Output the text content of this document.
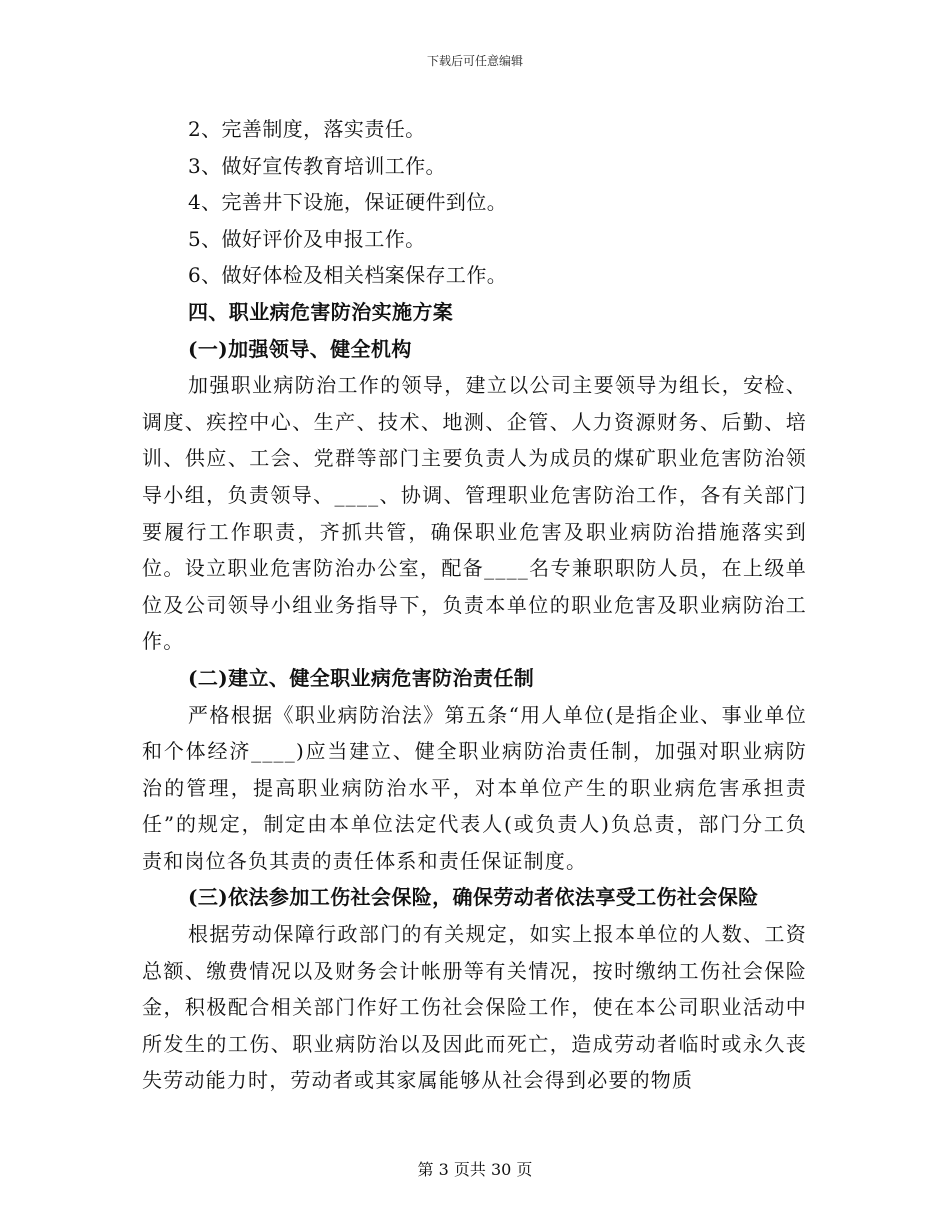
下载后可任意编辑
2、完善制度，落实责任。
3、做好宣传教育培训工作。
4、完善井下设施，保证硬件到位。
5、做好评价及申报工作。
6、做好体检及相关档案保存工作。
四、职业病危害防治实施方案
(一)加强领导、健全机构

加强职业病防治工作的领导，建立以公司主要领导为组长，安检、调度、疾控中心、生产、技术、地测、企管、人力资源财务、后勤、培训、供应、工会、党群等部门主要负责人为成员的煤矿职业危害防治领导小组，负责领导、____、协调、管理职业危害防治工作，各有关部门要履行工作职责，齐抓共管，确保职业危害及职业病防治措施落实到位。设立职业危害防治办公室，配备____名专兼职职防人员，在上级单位及公司领导小组业务指导下，负责本单位的职业危害及职业病防治工作。

(二)建立、健全职业病危害防治责任制

严格根据《职业病防治法》第五条“用人单位(是指企业、事业单位和个体经济____)应当建立、健全职业病防治责任制，加强对职业病防治的管理，提高职业病防治水平，对本单位产生的职业病危害承担责任”的规定，制定由本单位法定代表人(或负责人)负总责，部门分工负责和岗位各负其责的责任体系和责任保证制度。

(三)依法参加工伤社会保险，确保劳动者依法享受工伤社会保险

根据劳动保障行政部门的有关规定，如实上报本单位的人数、工资总额、缴费情况以及财务会计帐册等有关情况，按时缴纳工伤社会保险金，积极配合相关部门作好工伤社会保险工作，使在本公司职业活动中所发生的工伤、职业病防治以及因此而死亡，造成劳动者临时或永久丧失劳动能力时，劳动者或其家属能够从社会得到必要的物质

第 3 页共 30 页
